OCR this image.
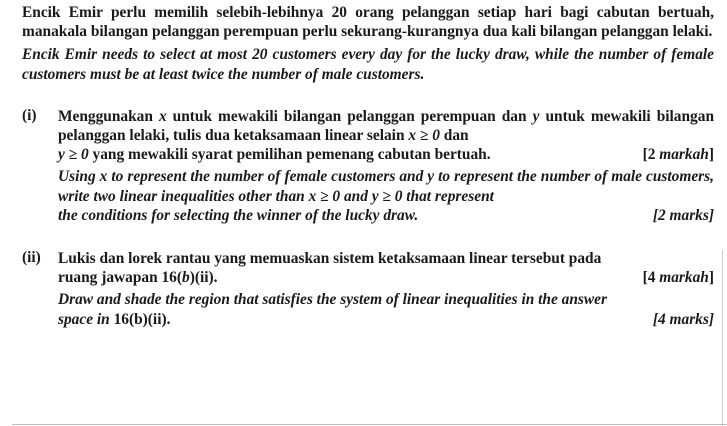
Encik Emir perlu memilih selebih-lebihnya 20 orang pelanggan setiap hari bagi cabutan bertuah, manakala bilangan pelanggan perempuan perlu sekurang-kurangnya dua kali bilangan pelanggan lelaki.

Encik Emir needs to select at most 20 customers every day for the lucky draw, while the number of female customers must be at least twice the number of male customers.

(i) Menggunakan x untuk mewakili bilangan pelanggan perempuan dan y untuk mewakili bilangan pelanggan lelaki, tulis dua ketaksamaan linear selain x ≥ 0 dan

y ≥ 0 yang mewakili syarat pemilihan pemenang cabutan bertuah.	[2 markah]

Using x to represent the number of female customers and y to represent the number of male customers, write two linear inequalities other than x ≥ 0 and y ≥ 0 that represent

the conditions for selecting the winner of the lucky draw.	[2 marks]

(ii) Lukis dan lorek rantau yang memuaskan sistem ketaksamaan linear tersebut pada

ruang jawapan 16(b)(ii).	[4 markah]

Draw and shade the region that satisfies the system of linear inequalities in the answer

space in 16(b)(ii).	[4 marks]
